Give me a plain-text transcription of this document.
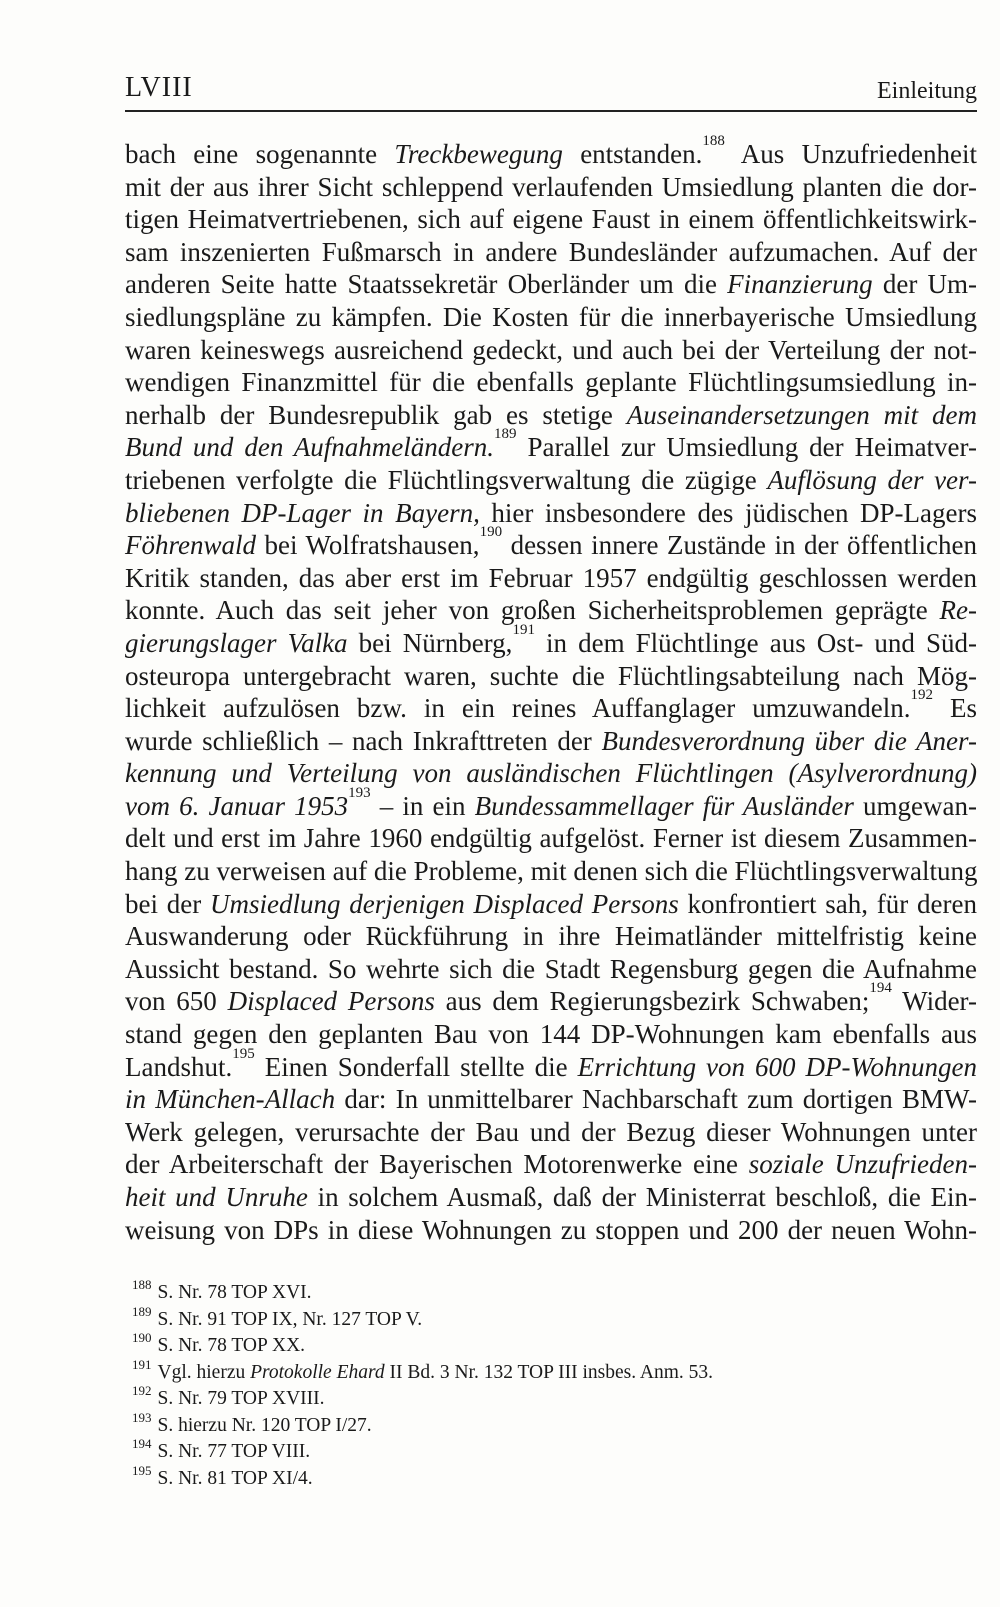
LVIII	Einleitung
bach eine sogenannte Treckbewegung entstanden.$^{188}$ Aus Unzufriedenheit
mit der aus ihrer Sicht schleppend verlaufenden Umsiedlung planten die dor-
tigen Heimatvertriebenen, sich auf eigene Faust in einem öffentlichkeitswirk-
sam inszenierten Fußmarsch in andere Bundesländer aufzumachen. Auf der
anderen Seite hatte Staatssekretär Oberländer um die Finanzierung der Um-
siedlungspläne zu kämpfen. Die Kosten für die innerbayerische Umsiedlung
waren keineswegs ausreichend gedeckt, und auch bei der Verteilung der not-
wendigen Finanzmittel für die ebenfalls geplante Flüchtlingsumsiedlung in-
nerhalb der Bundesrepublik gab es stetige Auseinandersetzungen mit dem
Bund und den Aufnahmeländern.$^{189}$ Parallel zur Umsiedlung der Heimatver-
triebenen verfolgte die Flüchtlingsverwaltung die zügige Auflösung der ver-
bliebenen DP-Lager in Bayern, hier insbesondere des jüdischen DP-Lagers
Föhrenwald bei Wolfratshausen,$^{190}$ dessen innere Zustände in der öffentlichen
Kritik standen, das aber erst im Februar 1957 endgültig geschlossen werden
konnte. Auch das seit jeher von großen Sicherheitsproblemen geprägte Re-
gierungslager Valka bei Nürnberg,$^{191}$ in dem Flüchtlinge aus Ost- und Süd-
osteuropa untergebracht waren, suchte die Flüchtlingsabteilung nach Mög-
lichkeit aufzulösen bzw. in ein reines Auffanglager umzuwandeln.$^{192}$ Es
wurde schließlich – nach Inkrafttreten der Bundesverordnung über die Aner-
kennung und Verteilung von ausländischen Flüchtlingen (Asylverordnung)
vom 6. Januar 1953$^{193}$ – in ein Bundessammellager für Ausländer umgewan-
delt und erst im Jahre 1960 endgültig aufgelöst. Ferner ist diesem Zusammen-
hang zu verweisen auf die Probleme, mit denen sich die Flüchtlingsverwaltung
bei der Umsiedlung derjenigen Displaced Persons konfrontiert sah, für deren
Auswanderung oder Rückführung in ihre Heimatländer mittelfristig keine
Aussicht bestand. So wehrte sich die Stadt Regensburg gegen die Aufnahme
von 650 Displaced Persons aus dem Regierungsbezirk Schwaben;$^{194}$ Wider-
stand gegen den geplanten Bau von 144 DP-Wohnungen kam ebenfalls aus
Landshut.$^{195}$ Einen Sonderfall stellte die Errichtung von 600 DP-Wohnungen
in München-Allach dar: In unmittelbarer Nachbarschaft zum dortigen BMW-
Werk gelegen, verursachte der Bau und der Bezug dieser Wohnungen unter
der Arbeiterschaft der Bayerischen Motorenwerke eine soziale Unzufrieden-
heit und Unruhe in solchem Ausmaß, daß der Ministerrat beschloß, die Ein-
weisung von DPs in diese Wohnungen zu stoppen und 200 der neuen Wohn-
$^{188}$ S. Nr. 78 TOP XVI.
$^{189}$ S. Nr. 91 TOP IX, Nr. 127 TOP V.
$^{190}$ S. Nr. 78 TOP XX.
$^{191}$ Vgl. hierzu Protokolle Ehard II Bd. 3 Nr. 132 TOP III insbes. Anm. 53.
$^{192}$ S. Nr. 79 TOP XVIII.
$^{193}$ S. hierzu Nr. 120 TOP I/27.
$^{194}$ S. Nr. 77 TOP VIII.
$^{195}$ S. Nr. 81 TOP XI/4.
